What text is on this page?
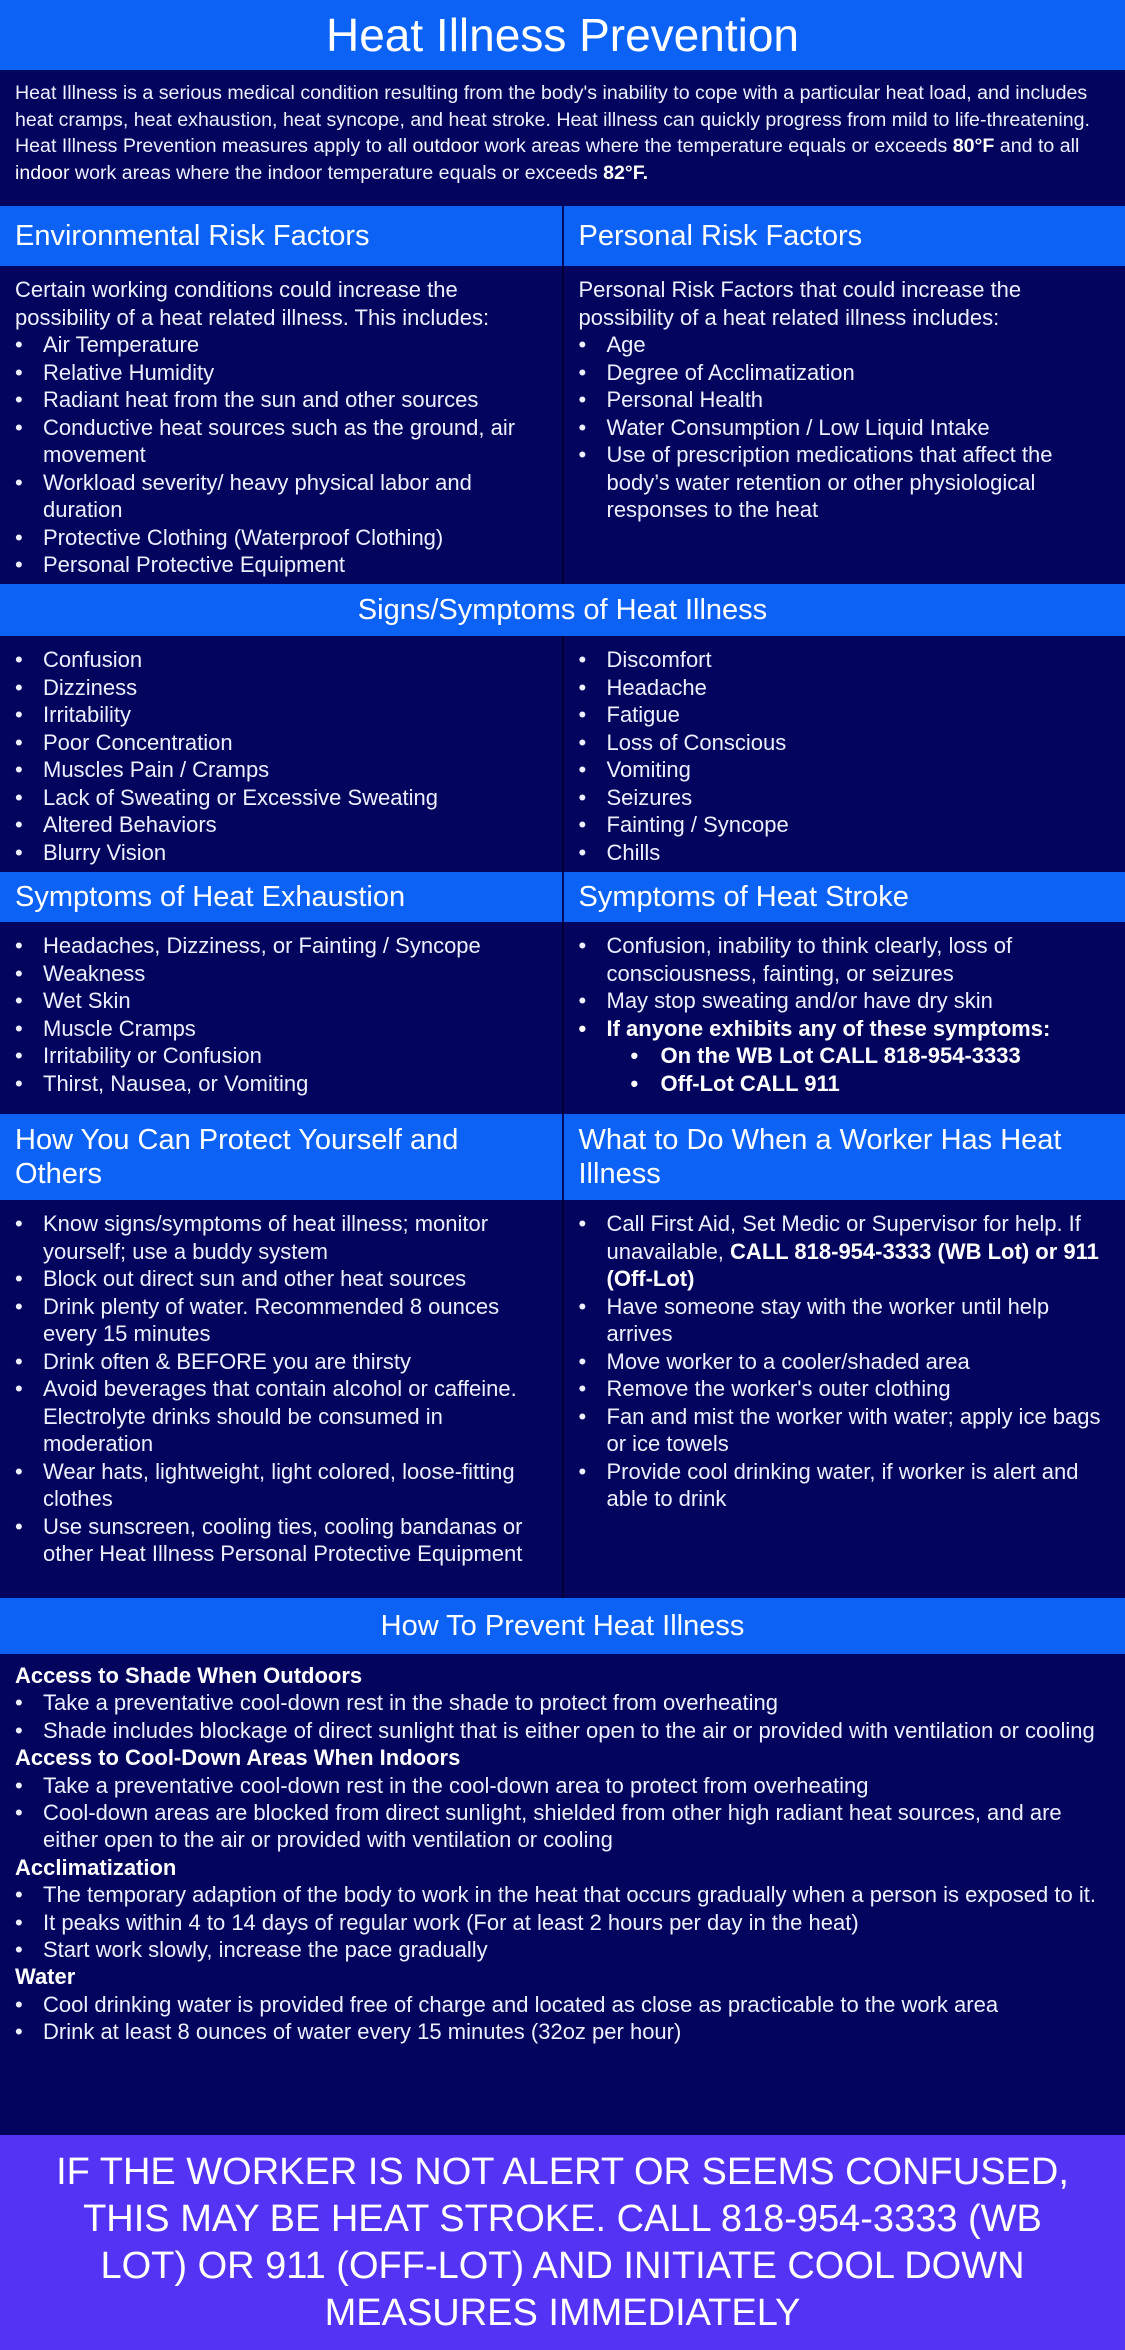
Heat Illness Prevention

Heat Illness is a serious medical condition resulting from the body's inability to cope with a particular heat load, and includes heat cramps, heat exhaustion, heat syncope, and heat stroke. Heat illness can quickly progress from mild to life-threatening.

Heat Illness Prevention measures apply to all outdoor work areas where the temperature equals or exceeds 80°F and to all indoor work areas where the indoor temperature equals or exceeds 82°F.

Environmental Risk Factors	Personal Risk Factors

Certain working conditions could increase the possibility of a heat related illness. This includes:

• Air Temperature
• Relative Humidity
• Radiant heat from the sun and other sources
• Conductive heat sources such as the ground, air movement
• Workload severity/ heavy physical labor and duration
• Protective Clothing (Waterproof Clothing)
• Personal Protective Equipment

Personal Risk Factors that could increase the possibility of a heat related illness includes:

• Age
• Degree of Acclimatization
• Personal Health
• Water Consumption / Low Liquid Intake
• Use of prescription medications that affect the body’s water retention or other physiological responses to the heat
Signs/Symptoms of Heat Illness
• Confusion
• Dizziness
• Irritability
• Poor Concentration
• Muscles Pain / Cramps
• Lack of Sweating or Excessive Sweating
• Altered Behaviors
• Blurry Vision
• Discomfort
• Headache
• Fatigue
• Loss of Conscious
• Vomiting
• Seizures
• Fainting / Syncope
• Chills
Symptoms of Heat Exhaustion	Symptoms of Heat Stroke
• Headaches, Dizziness, or Fainting / Syncope
• Weakness
• Wet Skin
• Muscle Cramps
• Irritability or Confusion
• Thirst, Nausea, or Vomiting
• Confusion, inability to think clearly, loss of consciousness, fainting, or seizures
• May stop sweating and/or have dry skin
• If anyone exhibits any of these symptoms:
• On the WB Lot CALL 818-954-3333
• Off-Lot CALL 911
How You Can Protect Yourself and Others
What to Do When a Worker Has Heat Illness
• Know signs/symptoms of heat illness; monitor yourself; use a buddy system
• Block out direct sun and other heat sources
• Drink plenty of water. Recommended 8 ounces every 15 minutes
• Drink often & BEFORE you are thirsty
• Avoid beverages that contain alcohol or caffeine. Electrolyte drinks should be consumed in moderation
• Wear hats, lightweight, light colored, loose-fitting clothes
• Use sunscreen, cooling ties, cooling bandanas or other Heat Illness Personal Protective Equipment
• Call First Aid, Set Medic or Supervisor for help. If unavailable, CALL 818-954-3333 (WB Lot) or 911 (Off-Lot)
• Have someone stay with the worker until help arrives
• Move worker to a cooler/shaded area
• Remove the worker's outer clothing
• Fan and mist the worker with water; apply ice bags or ice towels
• Provide cool drinking water, if worker is alert and able to drink
How To Prevent Heat Illness
Access to Shade When Outdoors
• Take a preventative cool-down rest in the shade to protect from overheating
• Shade includes blockage of direct sunlight that is either open to the air or provided with ventilation or cooling
Access to Cool-Down Areas When Indoors
• Take a preventative cool-down rest in the cool-down area to protect from overheating
• Cool-down areas are blocked from direct sunlight, shielded from other high radiant heat sources, and are either open to the air or provided with ventilation or cooling
Acclimatization
• The temporary adaption of the body to work in the heat that occurs gradually when a person is exposed to it.
• It peaks within 4 to 14 days of regular work (For at least 2 hours per day in the heat)
• Start work slowly, increase the pace gradually
Water
• Cool drinking water is provided free of charge and located as close as practicable to the work area
• Drink at least 8 ounces of water every 15 minutes (32oz per hour)
IF THE WORKER IS NOT ALERT OR SEEMS CONFUSED, THIS MAY BE HEAT STROKE. CALL 818-954-3333 (WB LOT) OR 911 (OFF-LOT) AND INITIATE COOL DOWN MEASURES IMMEDIATELY
